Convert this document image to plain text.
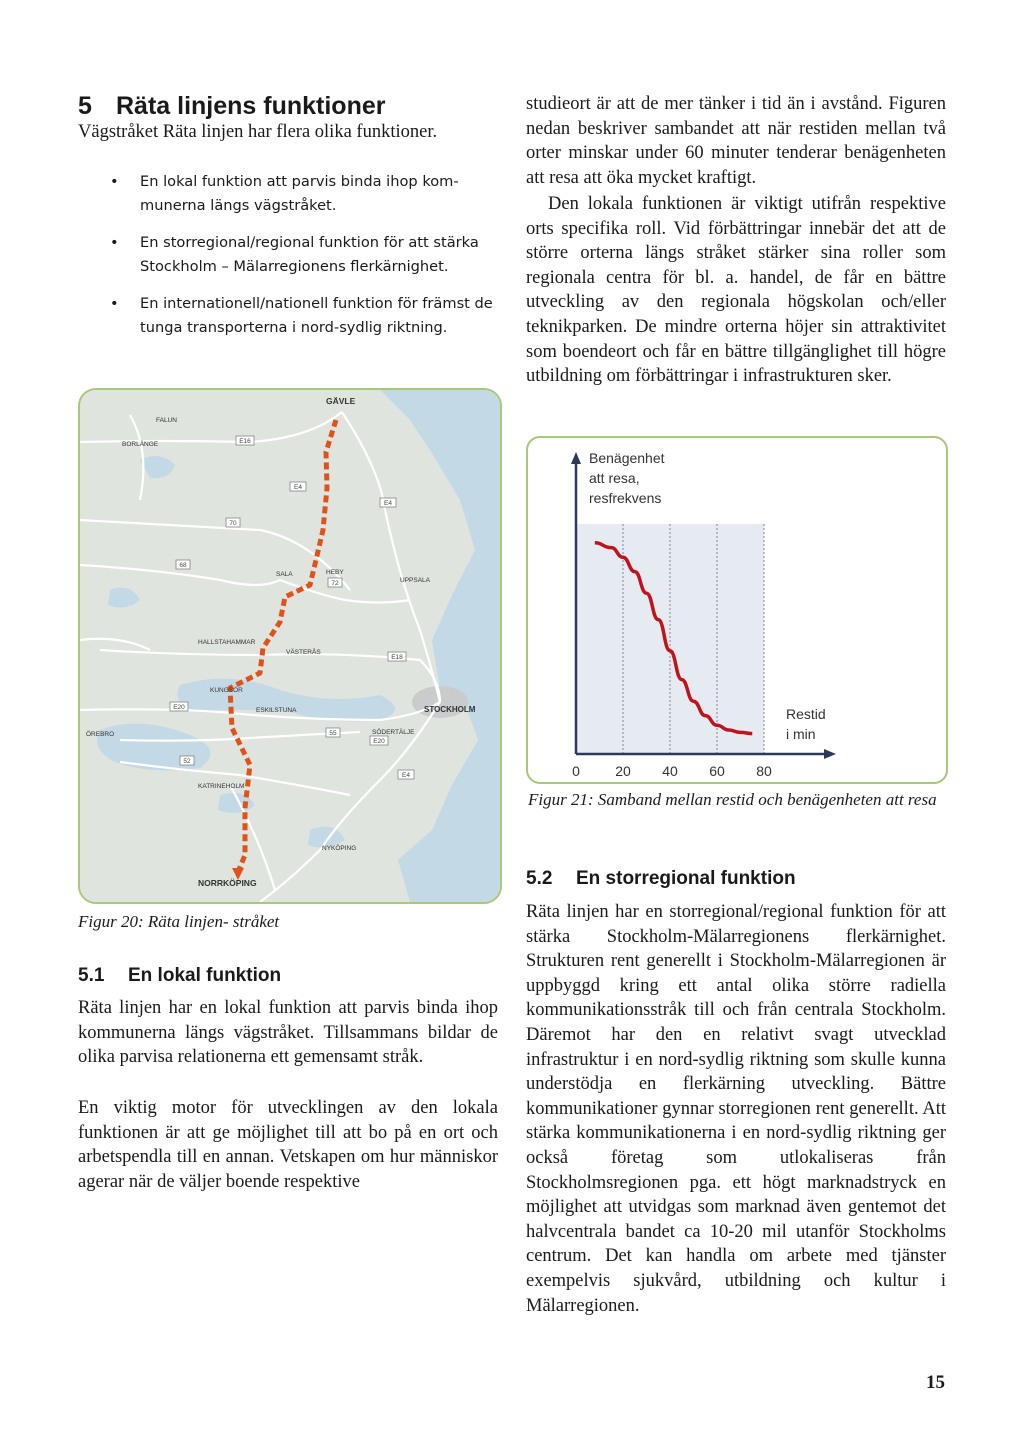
5 Räta linjens funktioner

Vägstråket Räta linjen har flera olika funktioner.

• En lokal funktion att parvis binda ihop kom-munerna längs vägstråket.
• En storregional/regional funktion för att stärka Stockholm – Mälarregionens flerkärnighet.
• En internationell/nationell funktion för främst de tunga transporterna i nord-sydlig riktning.
E16
70
68
72
E4
E18
E20
55
52
E4
E20
E4
GÄVLE
FALUN
BORLÄNGE
SALA	HEBY
UPPSALA
HALLSTAHAMMAR
VÄSTERÅS
KUNGSÖR
ESKILSTUNA
ÖREBRO
STOCKHOLM
SÖDERTÄLJE
KATRINEHOLM
NYKÖPING
NORRKÖPING

Figur 20: Räta linjen- stråket

5.1 En lokal funktion

Räta linjen har en lokal funktion att parvis binda ihop kommunerna längs vägstråket. Tillsammans bildar de olika parvisa relationerna ett gemensamt stråk.

En viktig motor för utvecklingen av den lokala funktionen är att ge möjlighet till att bo på en ort och arbetspendla till en annan. Vetskapen om hur människor agerar när de väljer boende respektive

studieort är att de mer tänker i tid än i avstånd. Figuren nedan beskriver sambandet att när restiden mellan två orter minskar under 60 minuter tenderar benägenheten att resa att öka mycket kraftigt.

Den lokala funktionen är viktigt utifrån respektive orts specifika roll. Vid förbättringar innebär det att de större orterna längs stråket stärker sina roller som regionala centra för bl. a. handel, de får en bättre utveckling av den regionala högskolan och/eller teknikparken. De mindre orterna höjer sin attraktivitet som boendeort och får en bättre tillgänglighet till högre utbildning om förbättringar i infrastrukturen sker.

Benägenhet
att resa,
resfrekvens
Restid
i min
0	20 40 60 80

Figur 21: Samband mellan restid och benägenheten att resa

5.2 En storregional funktion

Räta linjen har en storregional/regional funktion för att stärka Stockholm-Mälarregionens flerkärnighet. Strukturen rent generellt i Stockholm-Mälarregionen är uppbyggd kring ett antal olika större radiella kommunikationsstråk till och från centrala Stockholm. Däremot har den en relativt svagt utvecklad infrastruktur i en nord-sydlig riktning som skulle kunna understödja en flerkärning utveckling. Bättre kommunikationer gynnar storregionen rent generellt. Att stärka kommunikationerna i en nord-sydlig riktning ger också företag som utlokaliseras från Stockholmsregionen pga. ett högt marknadstryck en möjlighet att utvidgas som marknad även gentemot det halvcentrala bandet ca 10-20 mil utanför Stockholms centrum. Det kan handla om arbete med tjänster exempelvis sjukvård, utbildning och kultur i Mälarregionen.

15
